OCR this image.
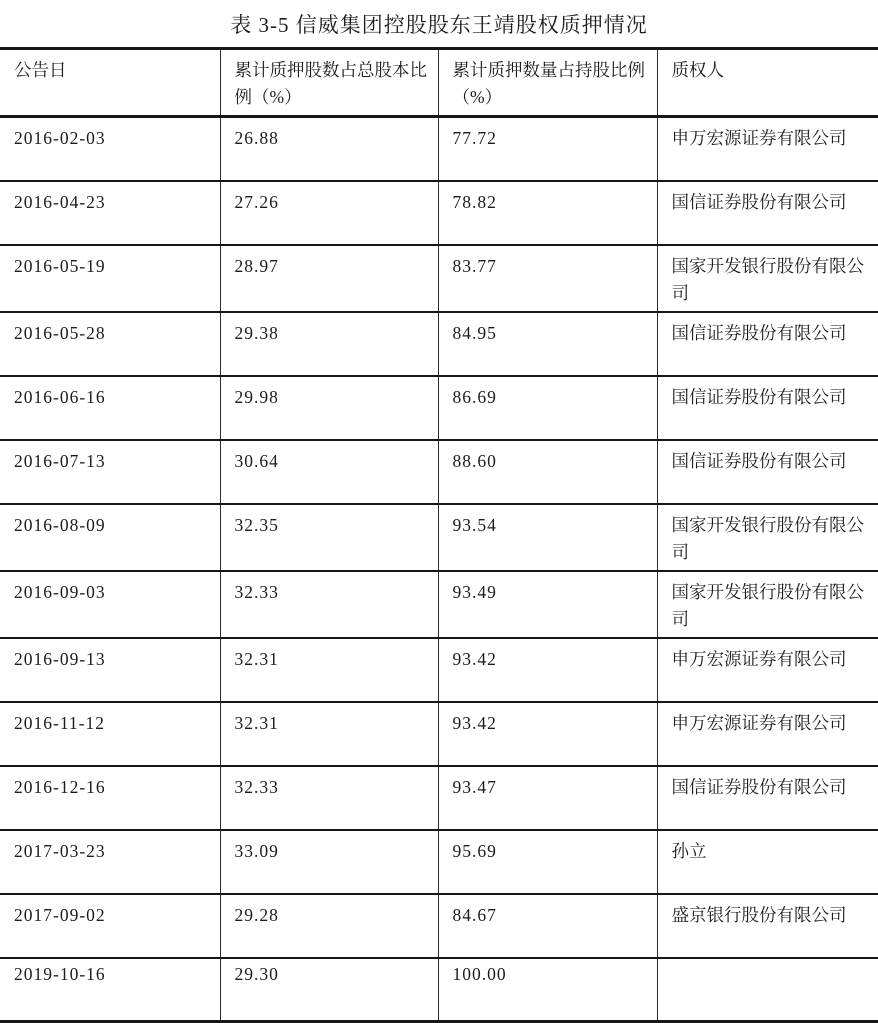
表 3-5 信威集团控股股东王靖股权质押情况
公告日	累计质押股数占总股本比例（%）	累计质押数量占持股比例（%）	质权人
2016-02-03	26.88	77.72	申万宏源证券有限公司
2016-04-23	27.26	78.82	国信证券股份有限公司
2016-05-19	28.97	83.77	国家开发银行股份有限公司
2016-05-28	29.38	84.95	国信证券股份有限公司
2016-06-16	29.98	86.69	国信证券股份有限公司
2016-07-13	30.64	88.60	国信证券股份有限公司
2016-08-09	32.35	93.54	国家开发银行股份有限公司
2016-09-03	32.33	93.49	国家开发银行股份有限公司
2016-09-13	32.31	93.42	申万宏源证券有限公司
2016-11-12	32.31	93.42	申万宏源证券有限公司
2016-12-16	32.33	93.47	国信证券股份有限公司
2017-03-23	33.09	95.69	孙立
2017-09-02	29.28	84.67	盛京银行股份有限公司
2019-10-16	29.30	100.00	
